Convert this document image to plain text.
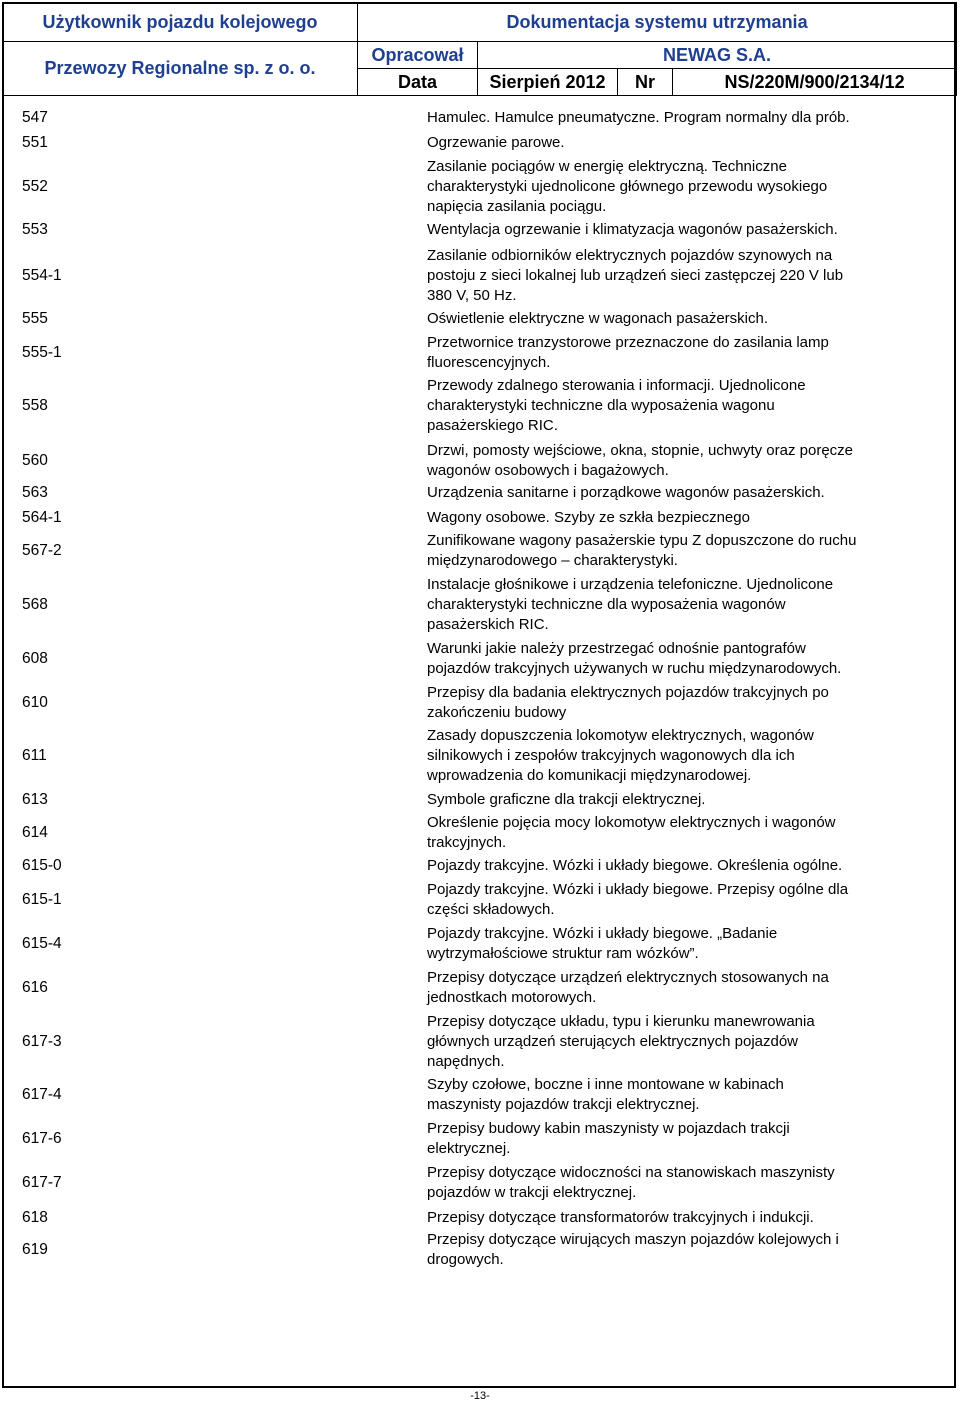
Użytkownik pojazdu kolejowego	Dokumentacja systemu utrzymania			
Przewozy Regionalne sp. z o. o.	Opracował	NEWAG S.A.		
	Data	Sierpień 2012	Nr	NS/220M/900/2134/12
547	Hamulec. Hamulce pneumatyczne. Program normalny dla prób.
551	Ogrzewanie parowe.
552
Zasilanie pociągów w energię elektryczną. Techniczne
charakterystyki ujednolicone głównego przewodu wysokiego
napięcia zasilania pociągu.
553	Wentylacja ogrzewanie i klimatyzacja wagonów pasażerskich.
554-1
Zasilanie odbiorników elektrycznych pojazdów szynowych na
postoju z sieci lokalnej lub urządzeń sieci zastępczej 220 V lub
380 V, 50 Hz.
555	Oświetlenie elektryczne w wagonach pasażerskich.
555-1
Przetwornice tranzystorowe przeznaczone do zasilania lamp
fluorescencyjnych.
558
Przewody zdalnego sterowania i informacji. Ujednolicone
charakterystyki techniczne dla wyposażenia wagonu
pasażerskiego RIC.
560
Drzwi, pomosty wejściowe, okna, stopnie, uchwyty oraz poręcze
wagonów osobowych i bagażowych.
563	Urządzenia sanitarne i porządkowe wagonów pasażerskich.
564-1	Wagony osobowe. Szyby ze szkła bezpiecznego
567-2
Zunifikowane wagony pasażerskie typu Z dopuszczone do ruchu
międzynarodowego – charakterystyki.
568
Instalacje głośnikowe i urządzenia telefoniczne. Ujednolicone
charakterystyki techniczne dla wyposażenia wagonów
pasażerskich RIC.
608
Warunki jakie należy przestrzegać odnośnie pantografów
pojazdów trakcyjnych używanych w ruchu międzynarodowych.
610
Przepisy dla badania elektrycznych pojazdów trakcyjnych po
zakończeniu budowy
611
Zasady dopuszczenia lokomotyw elektrycznych, wagonów
silnikowych i zespołów trakcyjnych wagonowych dla ich
wprowadzenia do komunikacji międzynarodowej.
613	Symbole graficzne dla trakcji elektrycznej.
614
Określenie pojęcia mocy lokomotyw elektrycznych i wagonów
trakcyjnych.
615-0	Pojazdy trakcyjne. Wózki i układy biegowe. Określenia ogólne.
615-1
Pojazdy trakcyjne. Wózki i układy biegowe. Przepisy ogólne dla
części składowych.
615-4
Pojazdy trakcyjne. Wózki i układy biegowe. „Badanie
wytrzymałościowe struktur ram wózków”.
616
Przepisy dotyczące urządzeń elektrycznych stosowanych na
jednostkach motorowych.
617-3
Przepisy dotyczące układu, typu i kierunku manewrowania
głównych urządzeń sterujących elektrycznych pojazdów
napędnych.
617-4
Szyby czołowe, boczne i inne montowane w kabinach
maszynisty pojazdów trakcji elektrycznej.
617-6
Przepisy budowy kabin maszynisty w pojazdach trakcji
elektrycznej.
617-7
Przepisy dotyczące widoczności na stanowiskach maszynisty
pojazdów w trakcji elektrycznej.
618	Przepisy dotyczące transformatorów trakcyjnych i indukcji.
619
Przepisy dotyczące wirujących maszyn pojazdów kolejowych i
drogowych.
-13-
